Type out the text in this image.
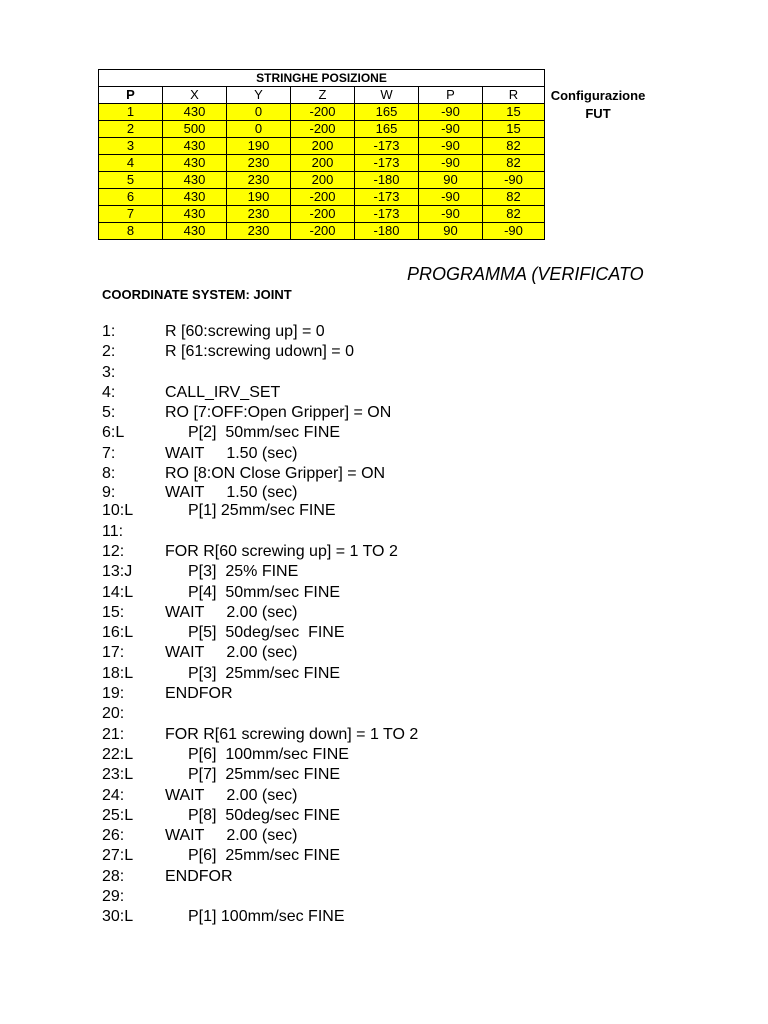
STRINGHE POSIZIONE						
P	X	Y	Z	W	P	R
1	430	0	-200	165	-90	15
2	500	0	-200	165	-90	15
3	430	190	200	-173	-90	82
4	430	230	200	-173	-90	82
5	430	230	200	-180	90	-90
6	430	190	-200	-173	-90	82
7	430	230	-200	-173	-90	82
8	430	230	-200	-180	90	-90
Configurazione
FUT
PROGRAMMA (VERIFICATO
COORDINATE SYSTEM: JOINT
1:	R [60:screwing up] = 0
2:	R [61:screwing udown] = 0
3:
4:	CALL_IRV_SET
5:	RO [7:OFF:Open Gripper] = ON
6:L	P[2]  50mm/sec FINE
7:	WAIT     1.50 (sec)
8:	RO [8:ON Close Gripper] = ON
9:	WAIT     1.50 (sec)
10:L	P[1] 25mm/sec FINE
11:
12:	FOR R[60 screwing up] = 1 TO 2
13:J	P[3]  25% FINE
14:L	P[4]  50mm/sec FINE
15:	WAIT     2.00 (sec)
16:L	P[5]  50deg/sec  FINE
17:	WAIT     2.00 (sec)
18:L	P[3]  25mm/sec FINE
19:	ENDFOR
20:
21:	FOR R[61 screwing down] = 1 TO 2
22:L	P[6]  100mm/sec FINE
23:L	P[7]  25mm/sec FINE
24:	WAIT     2.00 (sec)
25:L	P[8]  50deg/sec FINE
26:	WAIT     2.00 (sec)
27:L	P[6]  25mm/sec FINE
28:	ENDFOR
29:
30:L	P[1] 100mm/sec FINE
